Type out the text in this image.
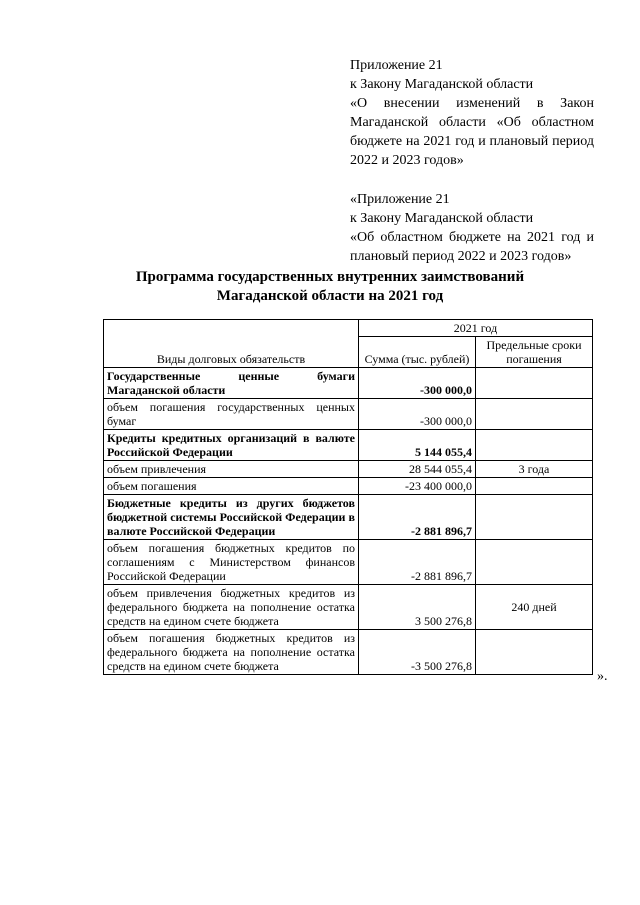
Приложение 21

к Закону Магаданской области

«О внесении изменений в Закон Магаданской области «Об областном бюджете на 2021 год и плановый период 2022 и 2023 годов»

«Приложение 21

к Закону Магаданской области

«Об областном бюджете на 2021 год и плановый период 2022 и 2023 годов»

Программа государственных внутренних заимствований
Магаданской области на 2021 год
Виды долговых обязательств	2021 год	
	Сумма (тыс. рублей)	Предельные сроки погашения
Государственные ценные бумаги Магаданской области	-300 000,0	
объем погашения государственных ценных бумаг	-300 000,0	
Кредиты кредитных организаций в валюте Российской Федерации	5 144 055,4	
объем привлечения	28 544 055,4	3 года
объем погашения	-23 400 000,0	
Бюджетные кредиты из других бюджетов бюджетной системы Российской Федерации в валюте Российской Федерации	-2 881 896,7	
объем погашения бюджетных кредитов по соглашениям с Министерством финансов Российской Федерации	-2 881 896,7	
объем привлечения бюджетных кредитов из федерального бюджета на пополнение остатка средств на едином счете бюджета	3 500 276,8	240 дней
объем погашения бюджетных кредитов из федерального бюджета на пополнение остатка средств на едином счете бюджета	-3 500 276,8	
».
